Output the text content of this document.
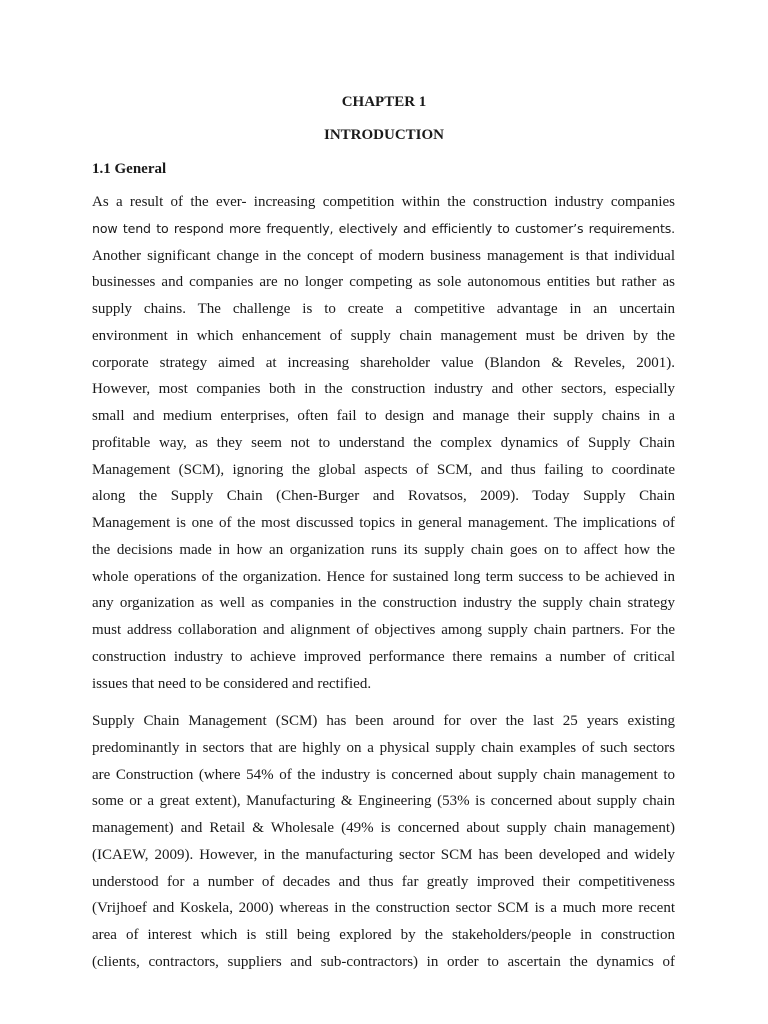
CHAPTER 1
INTRODUCTION
1.1 General

As a result of the ever- increasing competition within the construction industry companies
now tend to respond more frequently, electively and efficiently to customer’s requirements.
Another significant change in the concept of modern business management is that individual
businesses and companies are no longer competing as sole autonomous entities but rather as
supply chains. The challenge is to create a competitive advantage in an uncertain
environment in which enhancement of supply chain management must be driven by the
corporate strategy aimed at increasing shareholder value (Blandon & Reveles, 2001).
However, most companies both in the construction industry and other sectors, especially
small and medium enterprises, often fail to design and manage their supply chains in a
profitable way, as they seem not to understand the complex dynamics of Supply Chain
Management (SCM), ignoring the global aspects of SCM, and thus failing to coordinate
along the Supply Chain (Chen-Burger and Rovatsos, 2009). Today Supply Chain
Management is one of the most discussed topics in general management. The implications of
the decisions made in how an organization runs its supply chain goes on to affect how the
whole operations of the organization. Hence for sustained long term success to be achieved in
any organization as well as companies in the construction industry the supply chain strategy
must address collaboration and alignment of objectives among supply chain partners. For the
construction industry to achieve improved performance there remains a number of critical
issues that need to be considered and rectified.

Supply Chain Management (SCM) has been around for over the last 25 years existing
predominantly in sectors that are highly on a physical supply chain examples of such sectors
are Construction (where 54% of the industry is concerned about supply chain management to
some or a great extent), Manufacturing & Engineering (53% is concerned about supply chain
management) and Retail & Wholesale (49% is concerned about supply chain management)
(ICAEW, 2009). However, in the manufacturing sector SCM has been developed and widely
understood for a number of decades and thus far greatly improved their competitiveness
(Vrijhoef and Koskela, 2000) whereas in the construction sector SCM is a much more recent
area of interest which is still being explored by the stakeholders/people in construction
(clients, contractors, suppliers and sub-contractors) in order to ascertain the dynamics of
